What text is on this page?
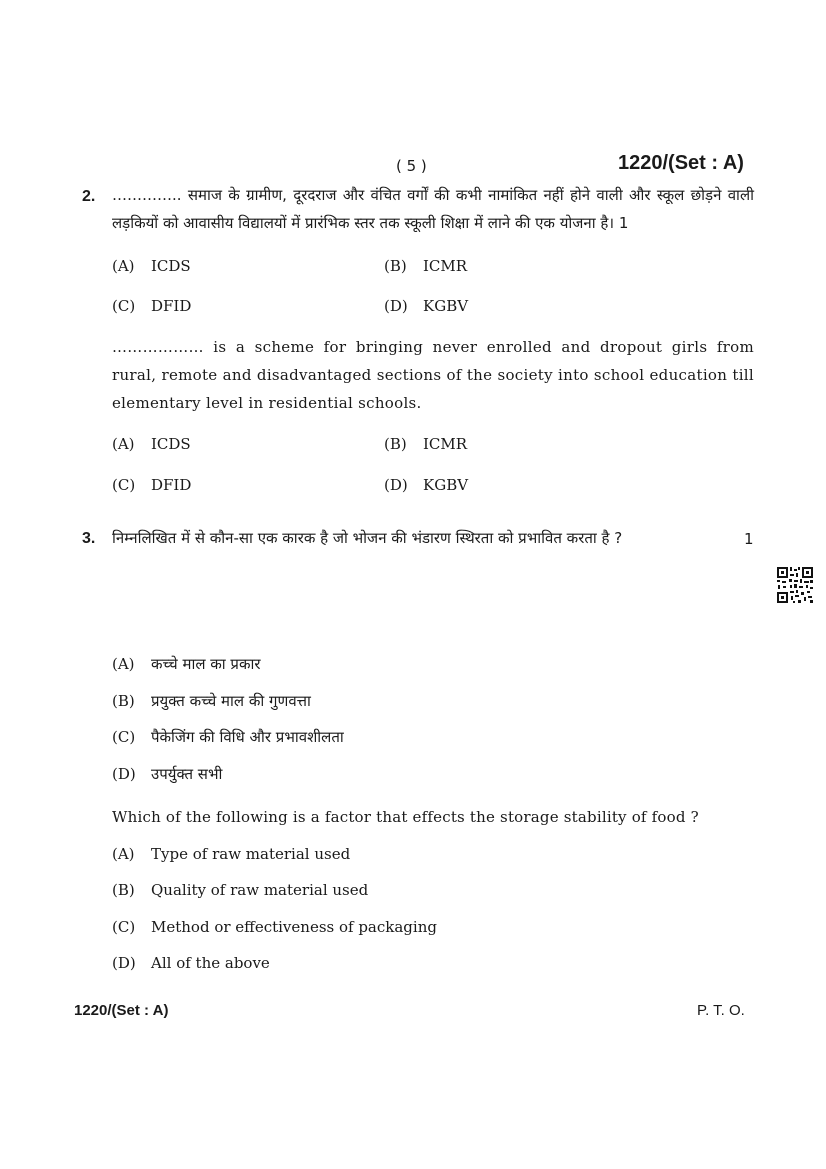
( 5 )	1220/(Set : A)
2. ………….. समाज के ग्रामीण, दूरदराज और वंचित वर्गों की कभी नामांकित नहीं होने वाली और स्कूल छोड़ने वाली लड़कियों को आवासीय विद्यालयों में प्रारंभिक स्तर तक स्कूली शिक्षा में लाने की एक योजना है। 1
(A) ICDS	(B) ICMR
(C) DFID	(D) KGBV
……………… is a scheme for bringing never enrolled and dropout girls from rural, remote and disadvantaged sections of the society into school education till elementary level in residential schools.
(A) ICDS	(B) ICMR
(C) DFID	(D) KGBV
3. निम्नलिखित में से कौन-सा एक कारक है जो भोजन की भंडारण स्थिरता को प्रभावित करता है ?	1
(A) कच्चे माल का प्रकार
(B) प्रयुक्त कच्चे माल की गुणवत्ता
(C) पैकेजिंग की विधि और प्रभावशीलता
(D) उपर्युक्त सभी
Which of the following is a factor that effects the storage stability of food ?
(A) Type of raw material used
(B) Quality of raw material used
(C) Method or effectiveness of packaging
(D) All of the above
1220/(Set : A)	P. T. O.
